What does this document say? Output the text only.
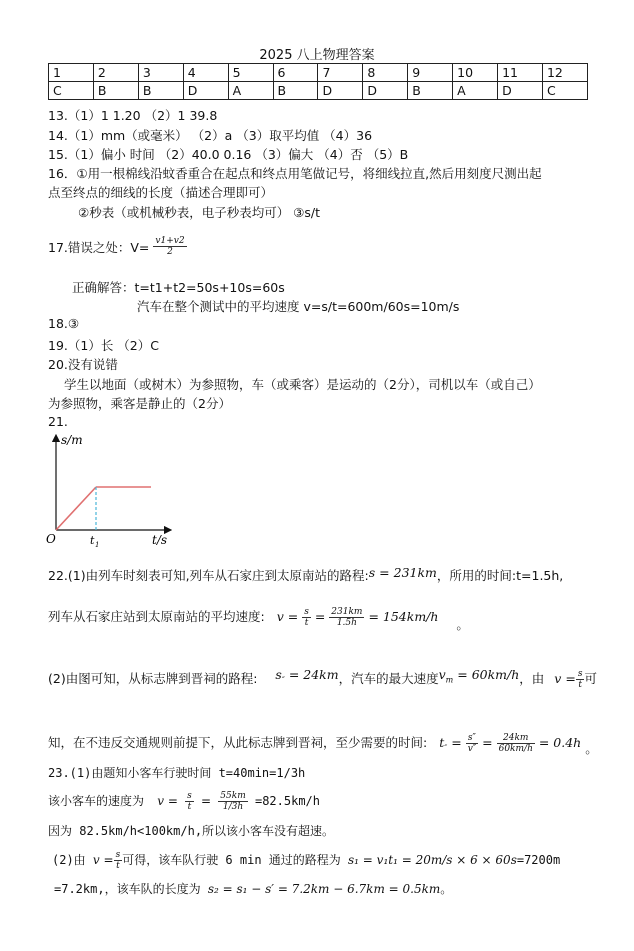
2025 八上物理答案
1	2	3	4	5	6	7	8	9	10	11	12
C	B	B	D	A	B	D	D	B	A	D	C
13.（1）1 1.20 （2）1 39.8
14.（1）mm（或毫米） （2）a （3）取平均值 （4）36
15.（1）偏小 时间 （2）40.0 0.16 （3）偏大 （4）否 （5）B
16．①用一根棉线沿蚊香重合在起点和终点用笔做记号，将细线拉直,然后用刻度尺测出起
点至终点的细线的长度（描述合理即可）
②秒表（或机械秒表，电子秒表均可） ③s/t
17.错误之处：$V= \frac{v1+v2}{2}$
正确解答：t=t1+t2=50s+10s=60s
汽车在整个测试中的平均速度 v=s/t=600m/60s=10m/s
18.③
19.（1）长 （2）C
20.没有说错
学生以地面（或树木）为参照物，车（或乘客）是运动的（2分），司机以车（或自己）
为参照物，乘客是静止的（2分）
21.
s/m
O	t 1	t/s
22.(1)由列车时刻表可知,列车从石家庄到太原南站的路程:s = 231km，所用的时间:t=1.5h,
列车从石家庄站到太原南站的平均速度: $v = \frac{s}{t} = \frac{231km}{1.5h} = 154km/h$ 。
(2)由图可知，从标志牌到晋祠的路程: $s'' = 24km$，汽车的最大速度$v_m = 60km/h$，由 $v = \frac{s}{t}$ 可
知，在不违反交通规则前提下，从此标志牌到晋祠，至少需要的时间: $t'' = \frac{s''}{v''} = \frac{24km}{60km/h} = 0.4h$ 。
23.(1)由题知小客车行驶时间 t=40min=1/3h
该小客车的速度为 $v = \frac{s}{t} = \frac{55km}{1/3h} =82.5km/h$
因为 82.5km/h<100km/h,所以该小客车没有超速。
(2)由 $v = \frac{s}{t}$ 可得，该车队行驶 6 min 通过的路程为 s₁ = v₁t₁ = 20m/s × 6 × 60s=7200m
=7.2km,，该车队的长度为 s₂ = s₁ − s′ = 7.2km − 6.7km = 0.5km。
